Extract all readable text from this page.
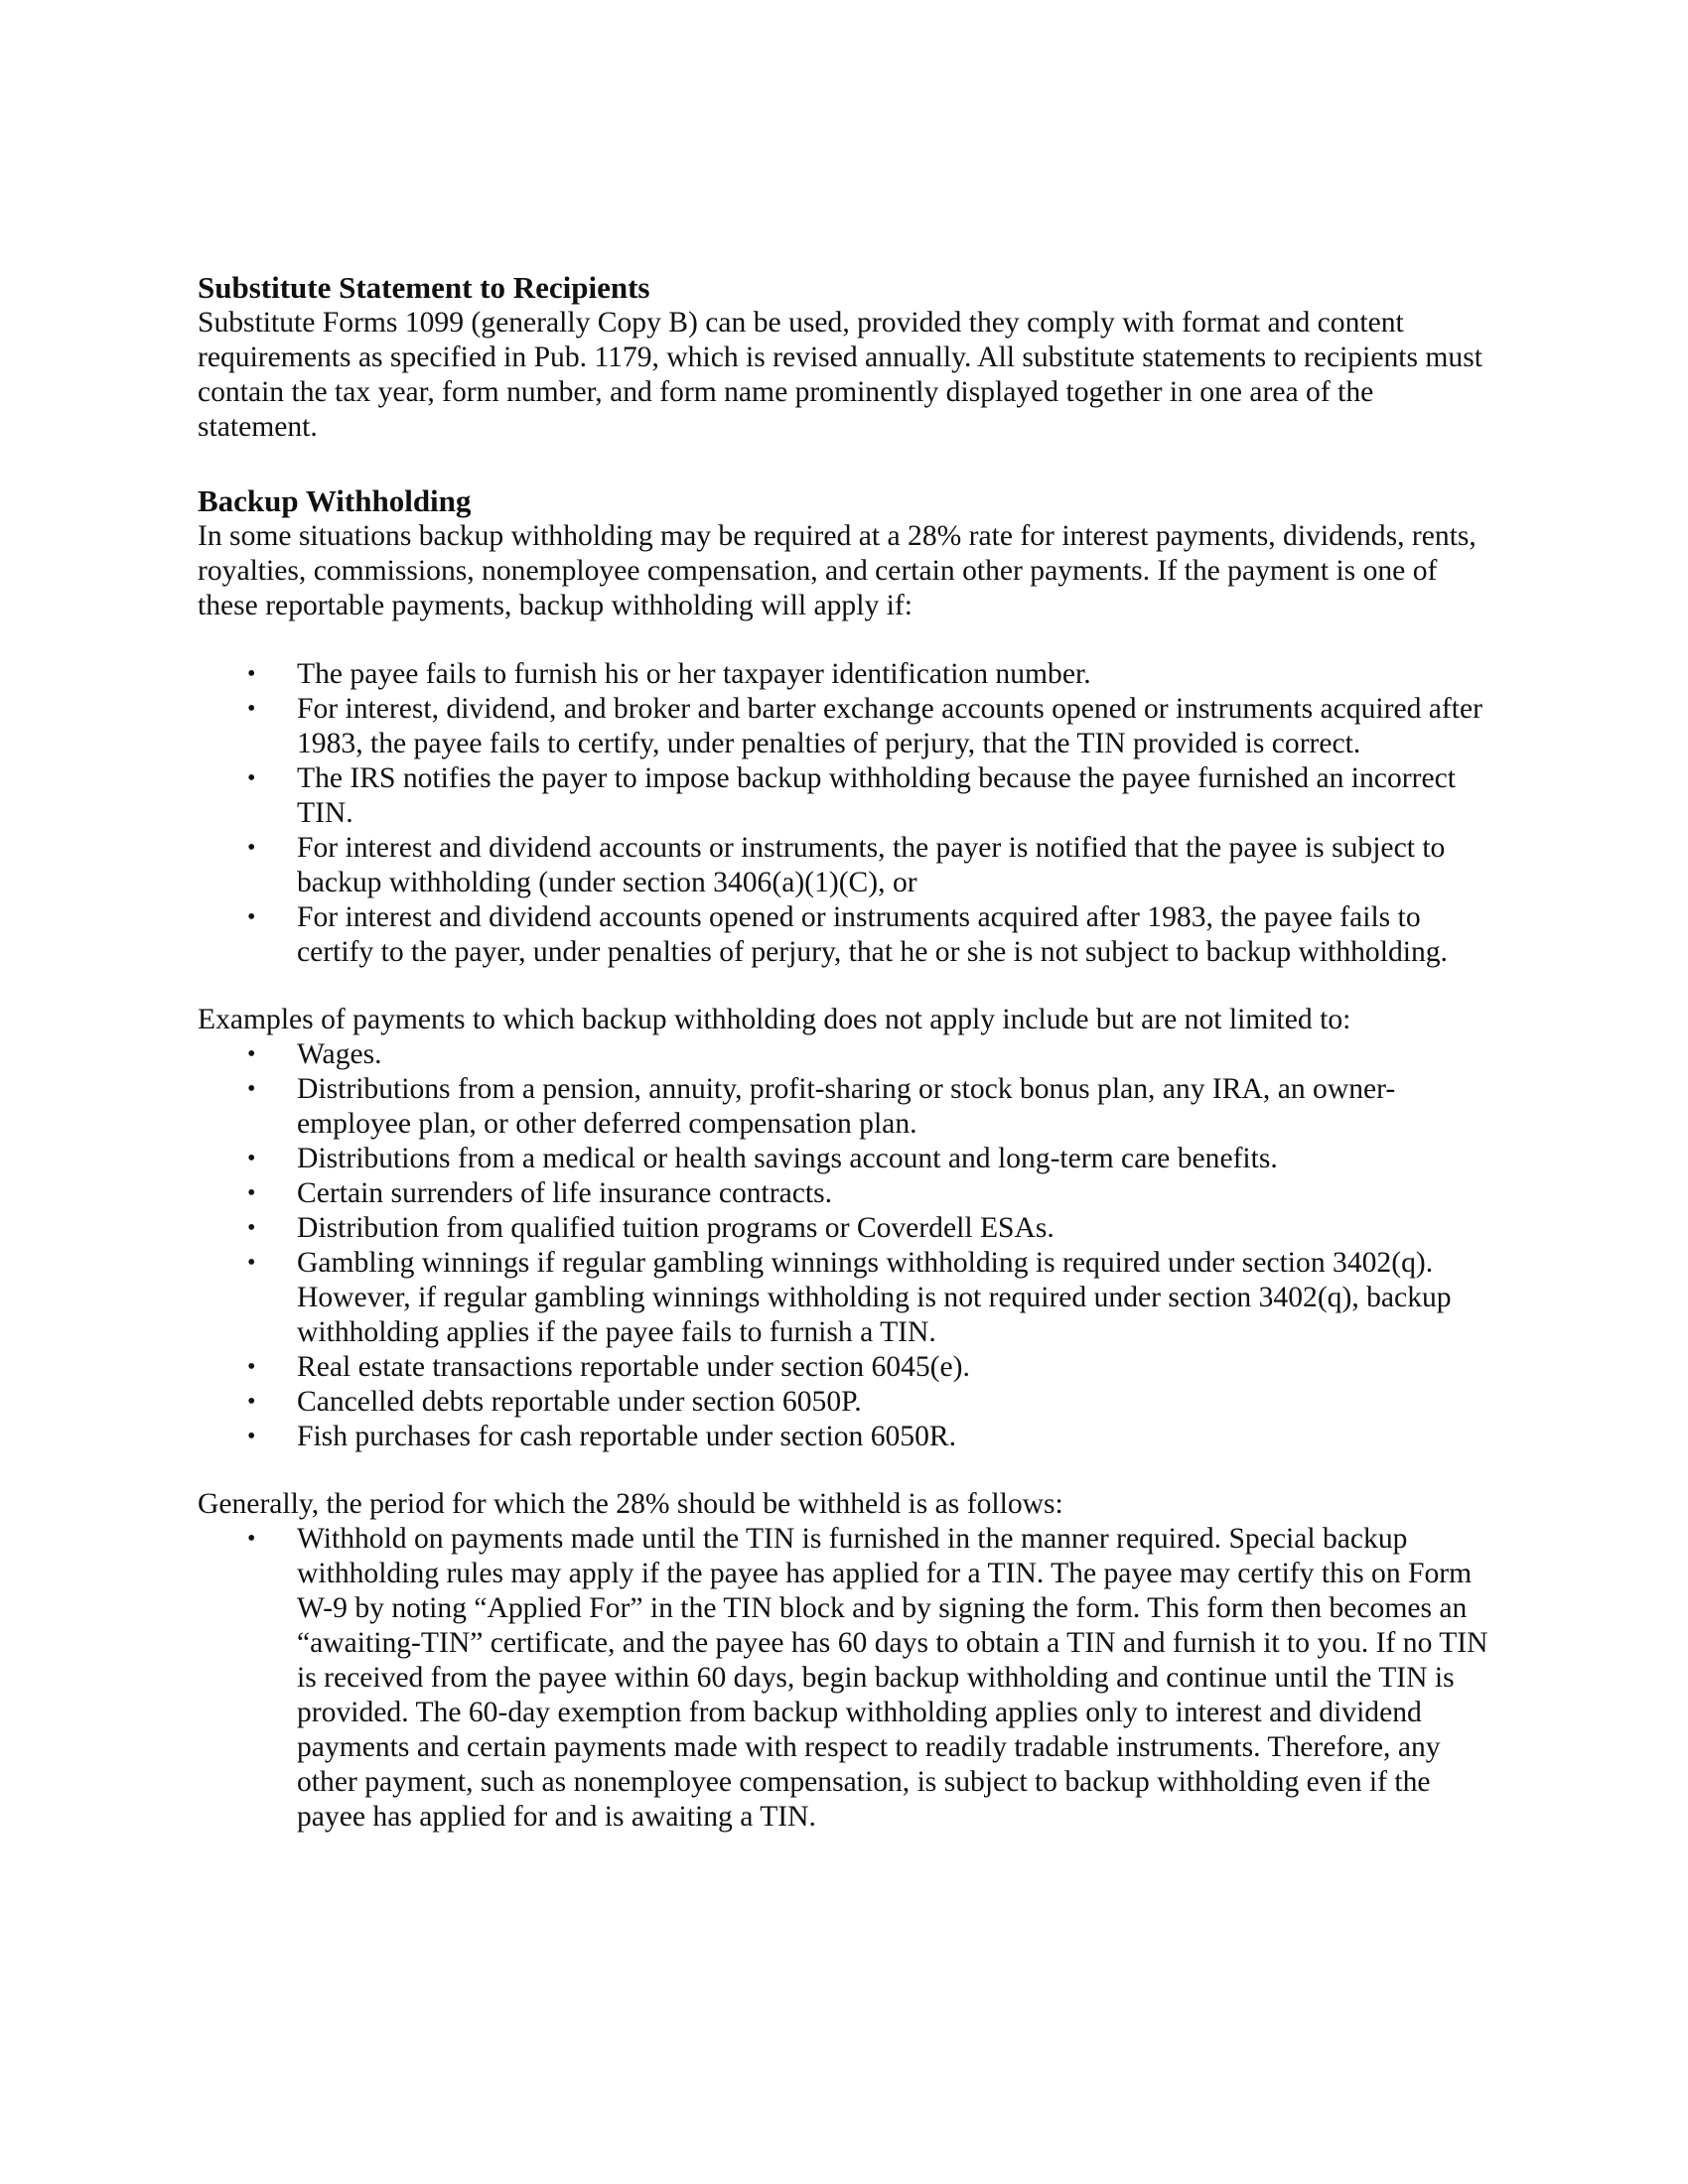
Substitute Statement to Recipients

Substitute Forms 1099 (generally Copy B) can be used, provided they comply with format and content requirements as specified in Pub. 1179, which is revised annually. All substitute statements to recipients must contain the tax year, form number, and form name prominently displayed together in one area of the statement.

Backup Withholding

In some situations backup withholding may be required at a 28% rate for interest payments, dividends, rents, royalties, commissions, nonemployee compensation, and certain other payments. If the payment is one of these reportable payments, backup withholding will apply if:

• The payee fails to furnish his or her taxpayer identification number.
• For interest, dividend, and broker and barter exchange accounts opened or instruments acquired after 1983, the payee fails to certify, under penalties of perjury, that the TIN provided is correct.
• The IRS notifies the payer to impose backup withholding because the payee furnished an incorrect TIN.
• For interest and dividend accounts or instruments, the payer is notified that the payee is subject to backup withholding (under section 3406(a)(1)(C), or
• For interest and dividend accounts opened or instruments acquired after 1983, the payee fails to certify to the payer, under penalties of perjury, that he or she is not subject to backup withholding.

Examples of payments to which backup withholding does not apply include but are not limited to:

• Wages.
• Distributions from a pension, annuity, profit-sharing or stock bonus plan, any IRA, an owner-employee plan, or other deferred compensation plan.
• Distributions from a medical or health savings account and long-term care benefits.
• Certain surrenders of life insurance contracts.
• Distribution from qualified tuition programs or Coverdell ESAs.
• Gambling winnings if regular gambling winnings withholding is required under section 3402(q). However, if regular gambling winnings withholding is not required under section 3402(q), backup withholding applies if the payee fails to furnish a TIN.
• Real estate transactions reportable under section 6045(e).
• Cancelled debts reportable under section 6050P.
• Fish purchases for cash reportable under section 6050R.

Generally, the period for which the 28% should be withheld is as follows:

• Withhold on payments made until the TIN is furnished in the manner required. Special backup withholding rules may apply if the payee has applied for a TIN. The payee may certify this on Form W-9 by noting “Applied For” in the TIN block and by signing the form. This form then becomes an “awaiting-TIN” certificate, and the payee has 60 days to obtain a TIN and furnish it to you. If no TIN is received from the payee within 60 days, begin backup withholding and continue until the TIN is provided. The 60-day exemption from backup withholding applies only to interest and dividend payments and certain payments made with respect to readily tradable instruments. Therefore, any other payment, such as nonemployee compensation, is subject to backup withholding even if the payee has applied for and is awaiting a TIN.
